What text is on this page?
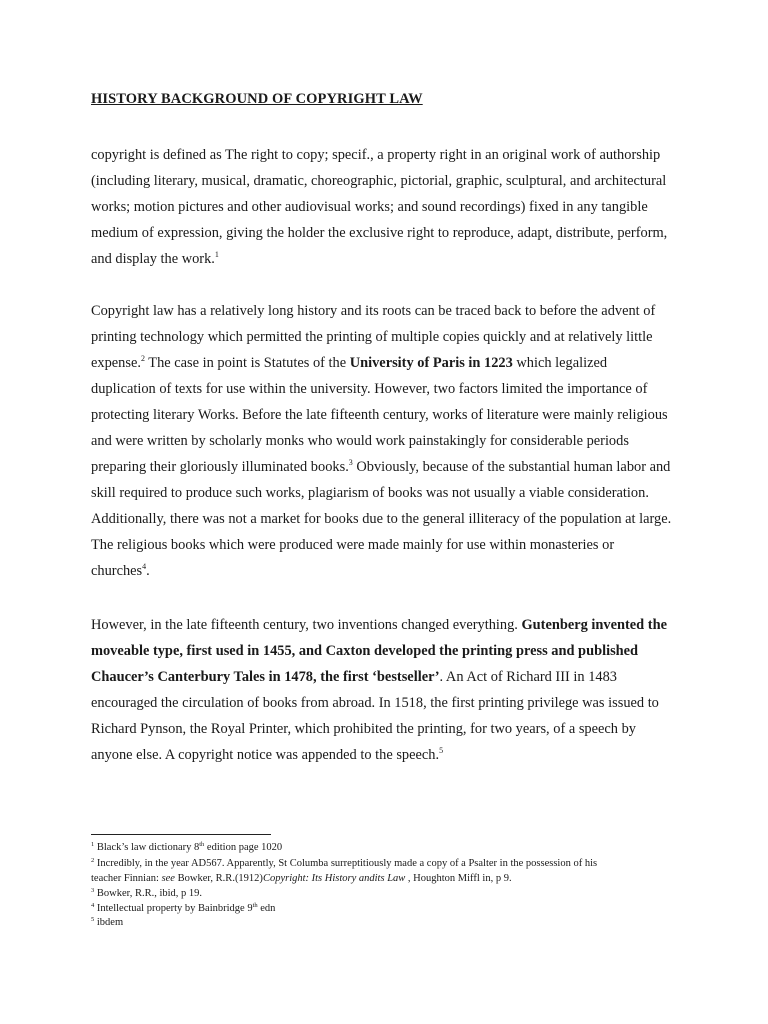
HISTORY BACKGROUND OF COPYRIGHT LAW
copyright is defined as The right to copy; specif., a property right in an original work of authorship
(including literary, musical, dramatic, choreographic, pictorial, graphic, sculptural, and architectural
works; motion pictures and other audiovisual works; and sound recordings) fixed in any tangible
medium of expression, giving the holder the exclusive right to reproduce, adapt, distribute, perform,
and display the work.$^1$
Copyright law has a relatively long history and its roots can be traced back to before the advent of
printing technology which permitted the printing of multiple copies quickly and at relatively little
expense.$^2$ The case in point is Statutes of the University of Paris in 1223 which legalized
duplication of texts for use within the university. However, two factors limited the importance of
protecting literary Works. Before the late fifteenth century, works of literature were mainly religious
and were written by scholarly monks who would work painstakingly for considerable periods
preparing their gloriously illuminated books.$^3$ Obviously, because of the substantial human labor and
skill required to produce such works, plagiarism of books was not usually a viable consideration.
Additionally, there was not a market for books due to the general illiteracy of the population at large.
The religious books which were produced were made mainly for use within monasteries or
churches$^4$.
However, in the late fifteenth century, two inventions changed everything. Gutenberg invented the
moveable type, first used in 1455, and Caxton developed the printing press and published
Chaucer’s Canterbury Tales in 1478, the first ‘bestseller’. An Act of Richard III in 1483
encouraged the circulation of books from abroad. In 1518, the first printing privilege was issued to
Richard Pynson, the Royal Printer, which prohibited the printing, for two years, of a speech by
anyone else. A copyright notice was appended to the speech.$^5$
$^1$ Black’s law dictionary 8th edition page 1020
$^2$ Incredibly, in the year AD567. Apparently, St Columba surreptitiously made a copy of a Psalter in the possession of his
teacher Finnian: see Bowker, R.R.(1912)Copyright: Its History andits Law , Houghton Miffl in, p 9.
$^3$ Bowker, R.R., ibid, p 19.
$^4$ Intellectual property by Bainbridge 9th edn
$^5$ ibdem
